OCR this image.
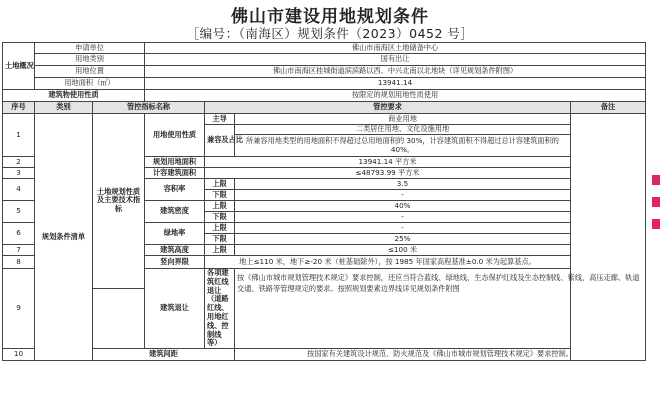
佛山市建设用地规划条件
［编号：（南海区）规划条件（2023）0452 号］
土地概况	申请单位		佛山市南海区土地储备中心				
	用地类别		国有出让				
	用地位置		佛山市南海区桂城街道滨滨路以西、中兴北南以北地块（详见规划条件附图）				
	用地面积（㎡）		13941.14				
建筑物使用性质			按限定的规划用地性质使用				
序号	类别	管控指标名称		管控要求		备注	
1	规划条件清单	土地规划性质及主要技术指标	用地使用性质	主导	商业用地		
				兼容及占比	二类居住用地、文化设施用地		
					所兼容用地类型的用地面积不得超过总用地面积的 30%，计容建筑面积不得超过总计容建筑面积的 40%。		
2			规划用地面积	13941.14 平方米			
3			计容建筑面积	≤48793.99 平方米			
4			容积率	上限	3.5		
				下限	-		
5			建筑密度	上限	40%		
				下限	-		
6			绿地率	上限	-		
				下限	25%		
7			建筑高度	上限	≤100 米		
8			竖向界限	地上≤110 米，地下≥-20 米（桩基础除外），按 1985 年国家高程基准±0.0 米为起算基点。			
9			建筑退让	各项建筑红线退让（道路红线、用地红线、控制线等）	按《佛山市城市规划管理技术规定》要求控制，还应当符合蓝线、绿地线、生态保护红线及生态控制线、紫线、高压走廊、轨道交通、铁路等管理规定的要求。按照规划要素边界线详见规划条件附图		

10		建筑间距			按国家有关建筑设计规范、防火规范及《佛山市城市规划管理技术规定》要求控制。		
